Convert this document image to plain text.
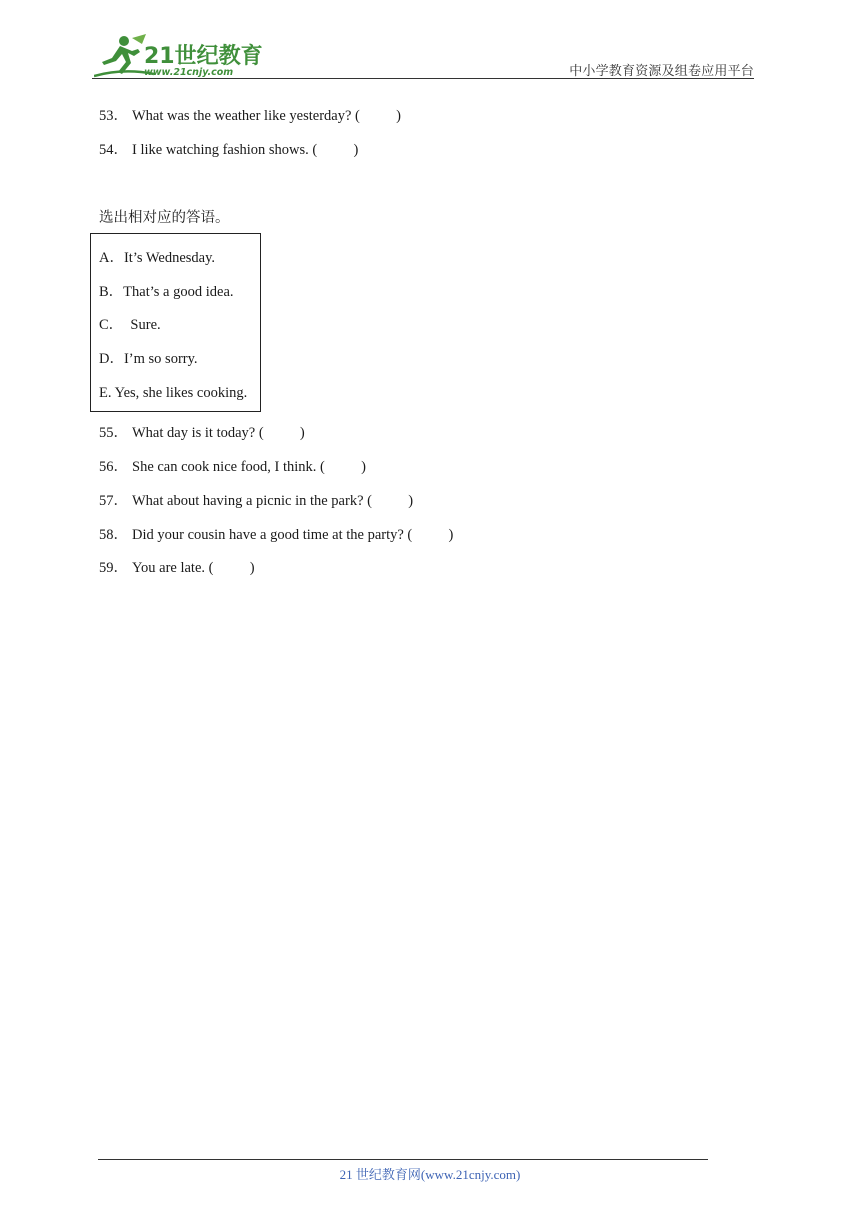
21世纪教育
www.21cnjy.com	中小学教育资源及组卷应用平台
53． What was the weather like yesterday? (          )
54． I like watching fashion shows. (          )
选出相对应的答语。
A．It’s Wednesday.
B．That’s a good idea.
C．  Sure.
D．I’m so sorry.
E. Yes, she likes cooking.
55． What day is it today? (          )
56． She can cook nice food, I think. (          )
57． What about having a picnic in the park? (          )
58． Did your cousin have a good time at the party? (          )
59． You are late. (          )
21 世纪教育网(www.21cnjy.com)
